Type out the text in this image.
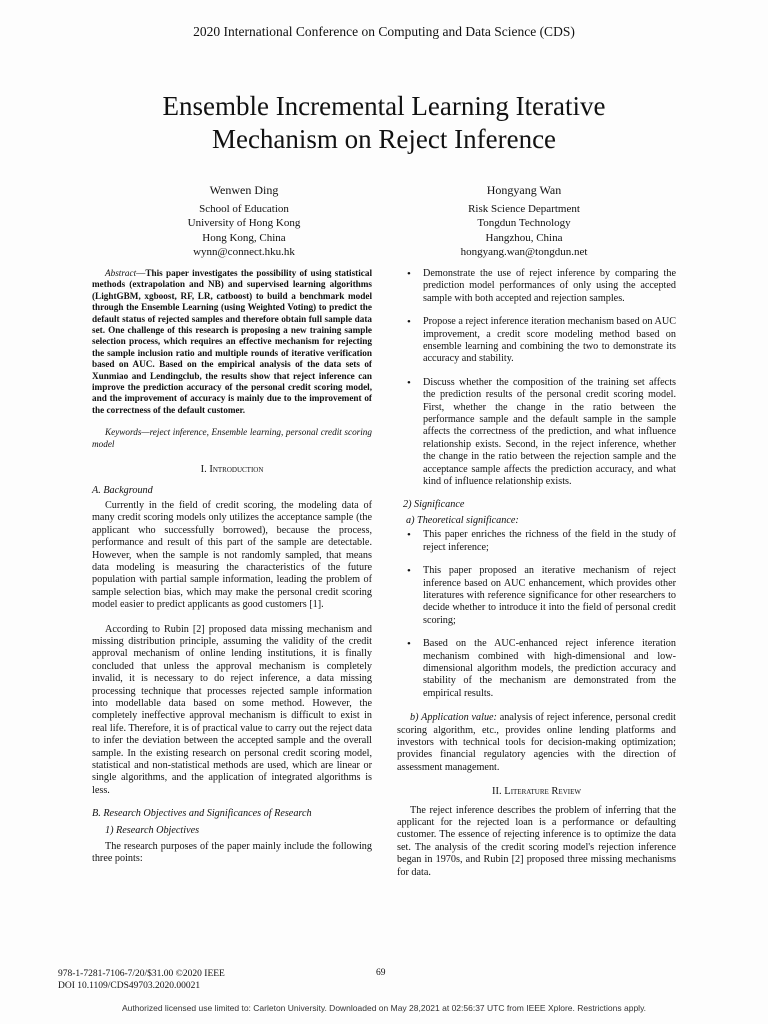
2020 International Conference on Computing and Data Science (CDS)
Ensemble Incremental Learning Iterative
Mechanism on Reject Inference
Wenwen Ding
School of Education
University of Hong Kong
Hong Kong, China
wynn@connect.hku.hk
Hongyang Wan
Risk Science Department
Tongdun Technology
Hangzhou, China
hongyang.wan@tongdun.net

Abstract—This paper investigates the possibility of using statistical methods (extrapolation and NB) and supervised learning algorithms (LightGBM, xgboost, RF, LR, catboost) to build a benchmark model through the Ensemble Learning (using Weighted Voting) to predict the default status of rejected samples and therefore obtain full sample data set. One challenge of this research is proposing a new training sample selection process, which requires an effective mechanism for rejecting the sample inclusion ratio and multiple rounds of iterative verification based on AUC. Based on the empirical analysis of the data sets of Xunmiao and Lendingclub, the results show that reject inference can improve the prediction accuracy of the personal credit scoring model, and the improvement of accuracy is mainly due to the improvement of the correctness of the default customer.

Keywords—reject inference, Ensemble learning, personal credit scoring model

I. Introduction

A. Background

Currently in the field of credit scoring, the modeling data of many credit scoring models only utilizes the acceptance sample (the applicant who successfully borrowed), because the process, performance and result of this part of the sample are detectable. However, when the sample is not randomly sampled, that means data modeling is measuring the characteristics of the future population with partial sample information, leading the problem of sample selection bias, which may make the personal credit scoring model easier to predict applicants as good customers [1].

According to Rubin [2] proposed data missing mechanism and missing distribution principle, assuming the validity of the credit approval mechanism of online lending institutions, it is finally concluded that unless the approval mechanism is completely invalid, it is necessary to do reject inference, a data missing processing technique that processes rejected sample information into modellable data based on some method. However, the completely ineffective approval mechanism is difficult to exist in real life. Therefore, it is of practical value to carry out the reject data to infer the deviation between the accepted sample and the overall sample. In the existing research on personal credit scoring model, statistical and non-statistical methods are used, which are linear or single algorithms, and the application of integrated algorithms is less.

B. Research Objectives and Significances of Research

1) Research Objectives

The research purposes of the paper mainly include the following three points:

• Demonstrate the use of reject inference by comparing the prediction model performances of only using the accepted sample with both accepted and rejection samples.

• Propose a reject inference iteration mechanism based on AUC improvement, a credit score modeling method based on ensemble learning and combining the two to demonstrate its accuracy and stability.

• Discuss whether the composition of the training set affects the prediction results of the personal credit scoring model. First, whether the change in the ratio between the performance sample and the default sample in the sample affects the correctness of the prediction, and what influence relationship exists. Second, in the reject inference, whether the change in the ratio between the rejection sample and the acceptance sample affects the prediction accuracy, and what kind of influence relationship exists.

2) Significance

a) Theoretical significance:

• This paper enriches the richness of the field in the study of reject inference;

• This paper proposed an iterative mechanism of reject inference based on AUC enhancement, which provides other literatures with reference significance for other researchers to decide whether to introduce it into the field of personal credit scoring;

• Based on the AUC-enhanced reject inference iteration mechanism combined with high-dimensional and low-dimensional algorithm models, the prediction accuracy and stability of the mechanism are demonstrated from the empirical results.

b) Application value: analysis of reject inference, personal credit scoring algorithm, etc., provides online lending platforms and investors with technical tools for decision-making optimization; provides financial regulatory agencies with the direction of assessment management.

II. Literature Review

The reject inference describes the problem of inferring that the applicant for the rejected loan is a performance or defaulting customer. The essence of rejecting inference is to optimize the data set. The analysis of the credit scoring model's rejection inference began in 1970s, and Rubin [2] proposed three missing mechanisms for data.

978-1-7281-7106-7/20/$31.00 ©2020 IEEE
DOI 10.1109/CDS49703.2020.00021
69
Authorized licensed use limited to: Carleton University. Downloaded on May 28,2021 at 02:56:37 UTC from IEEE Xplore. Restrictions apply.
